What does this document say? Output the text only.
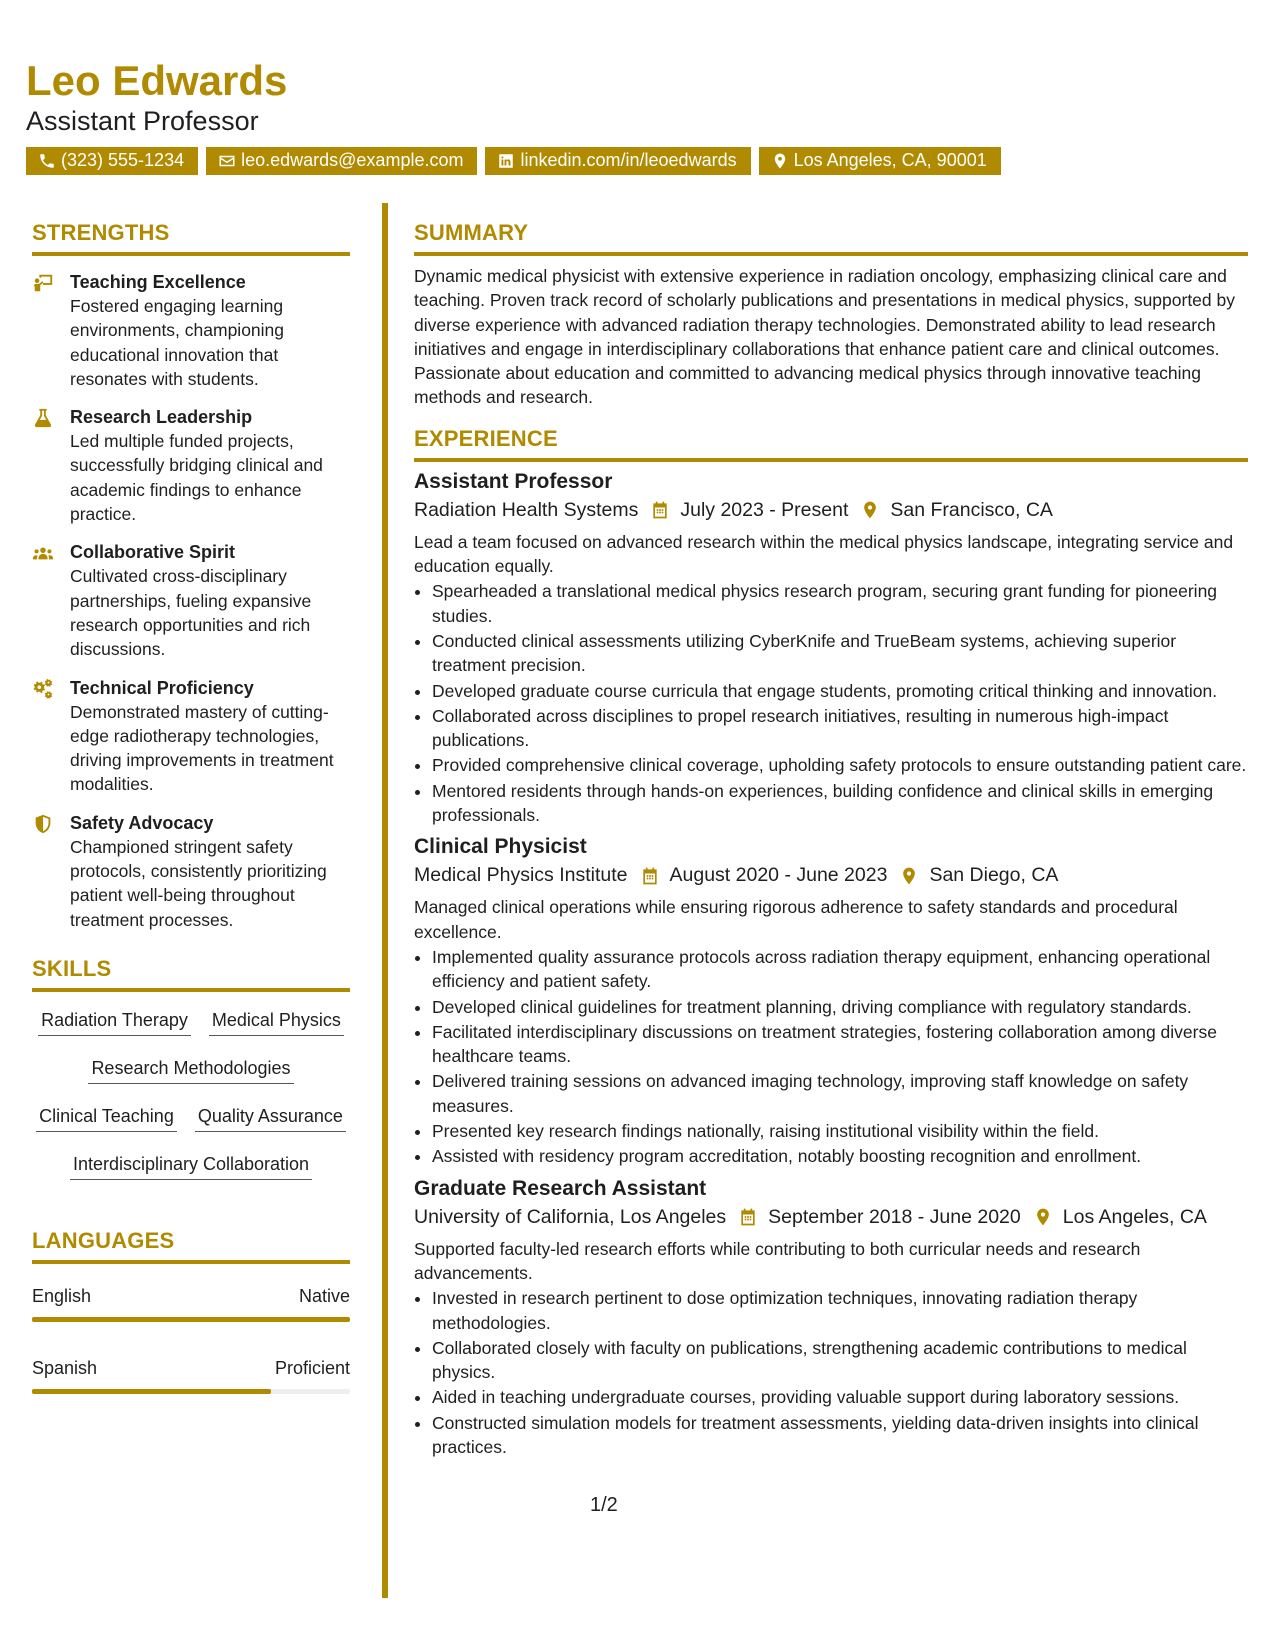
Leo Edwards
Assistant Professor
(323) 555-1234	leo.edwards@example.com	linkedin.com/in/leoedwards	Los Angeles, CA, 90001
STRENGTHS
Teaching Excellence
Fostered engaging learning environments, championing educational innovation that resonates with students.
Research Leadership
Led multiple funded projects, successfully bridging clinical and academic findings to enhance practice.
Collaborative Spirit
Cultivated cross-disciplinary partnerships, fueling expansive research opportunities and rich discussions.
Technical Proficiency
Demonstrated mastery of cutting-edge radiotherapy technologies, driving improvements in treatment modalities.
Safety Advocacy
Championed stringent safety protocols, consistently prioritizing patient well-being throughout treatment processes.
SKILLS
Radiation Therapy Medical Physics
Research Methodologies
Clinical Teaching Quality Assurance
Interdisciplinary Collaboration
LANGUAGES
English	Native
Spanish	Proficient
SUMMARY
Dynamic medical physicist with extensive experience in radiation oncology, emphasizing clinical care and teaching. Proven track record of scholarly publications and presentations in medical physics, supported by diverse experience with advanced radiation therapy technologies. Demonstrated ability to lead research initiatives and engage in interdisciplinary collaborations that enhance patient care and clinical outcomes. Passionate about education and committed to advancing medical physics through innovative teaching methods and research.
EXPERIENCE
Assistant Professor
Radiation Health Systems July 2023 - Present San Francisco, CA
Lead a team focused on advanced research within the medical physics landscape, integrating service and education equally.
• Spearheaded a translational medical physics research program, securing grant funding for pioneering studies.
• Conducted clinical assessments utilizing CyberKnife and TrueBeam systems, achieving superior treatment precision.
• Developed graduate course curricula that engage students, promoting critical thinking and innovation.
• Collaborated across disciplines to propel research initiatives, resulting in numerous high-impact publications.
• Provided comprehensive clinical coverage, upholding safety protocols to ensure outstanding patient care.
• Mentored residents through hands-on experiences, building confidence and clinical skills in emerging professionals.
Clinical Physicist
Medical Physics Institute August 2020 - June 2023 San Diego, CA
Managed clinical operations while ensuring rigorous adherence to safety standards and procedural excellence.
• Implemented quality assurance protocols across radiation therapy equipment, enhancing operational efficiency and patient safety.
• Developed clinical guidelines for treatment planning, driving compliance with regulatory standards.
• Facilitated interdisciplinary discussions on treatment strategies, fostering collaboration among diverse healthcare teams.
• Delivered training sessions on advanced imaging technology, improving staff knowledge on safety measures.
• Presented key research findings nationally, raising institutional visibility within the field.
• Assisted with residency program accreditation, notably boosting recognition and enrollment.
Graduate Research Assistant
University of California, Los Angeles September 2018 - June 2020 Los Angeles, CA
Supported faculty-led research efforts while contributing to both curricular needs and research advancements.
• Invested in research pertinent to dose optimization techniques, innovating radiation therapy methodologies.
• Collaborated closely with faculty on publications, strengthening academic contributions to medical physics.
• Aided in teaching undergraduate courses, providing valuable support during laboratory sessions.
• Constructed simulation models for treatment assessments, yielding data-driven insights into clinical practices.
1/2
